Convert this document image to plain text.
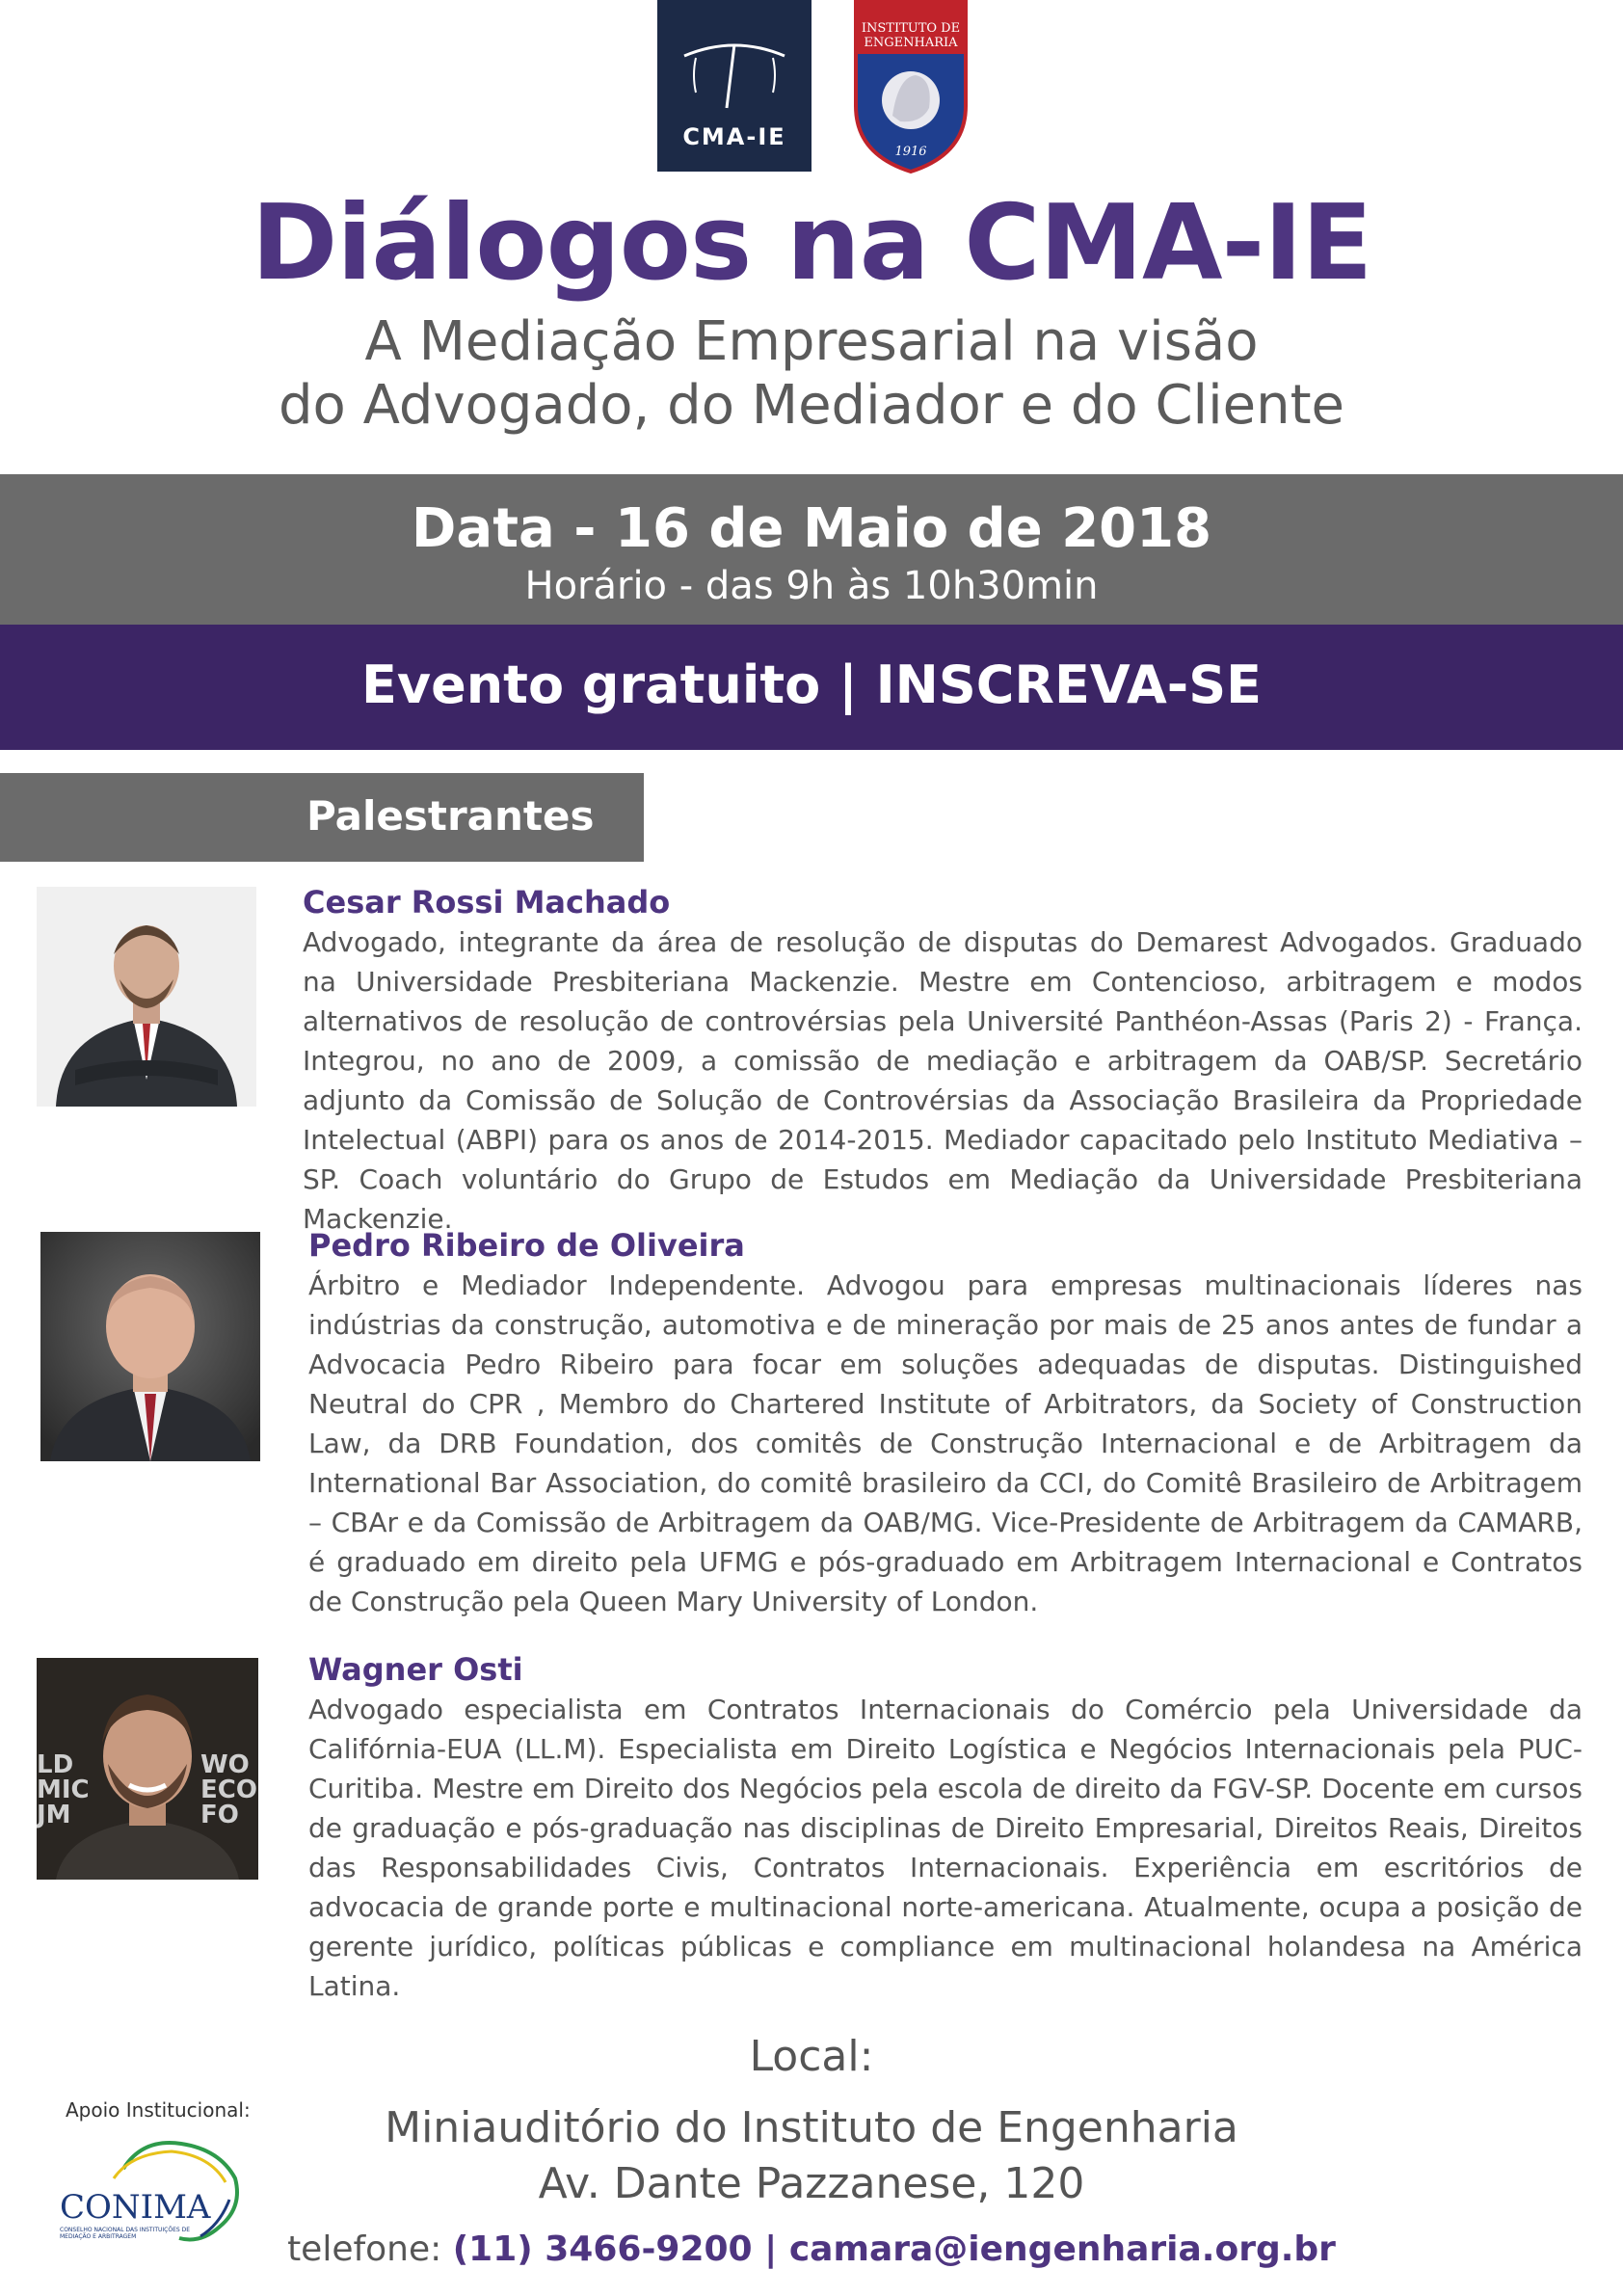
CMA-IE
INSTITUTO DE ENGENHARIA
1916
Diálogos na CMA-IE
A Mediação Empresarial na visão
do Advogado, do Mediador e do Cliente
Data - 16 de Maio de 2018
Horário - das 9h às 10h30min
Evento gratuito | INSCREVA-SE
Palestrantes
Cesar Rossi Machado
Advogado, integrante da área de resolução de disputas do Demarest Advogados. Graduado na Universidade Presbiteriana Mackenzie. Mestre em Contencioso, arbitragem e modos alternativos de resolução de controvérsias pela Université Panthéon-Assas (Paris 2) - França. Integrou, no ano de 2009, a comissão de mediação e arbitragem da OAB/SP. Secretário adjunto da Comissão de Solução de Controvérsias da Associação Brasileira da Propriedade Intelectual (ABPI) para os anos de 2014-2015. Mediador capacitado pelo Instituto Mediativa – SP. Coach voluntário do Grupo de Estudos em Mediação da Universidade Presbiteriana Mackenzie.
Pedro Ribeiro de Oliveira
Árbitro e Mediador Independente. Advogou para empresas multinacionais líderes nas indústrias da construção, automotiva e de mineração por mais de 25 anos antes de fundar a Advocacia Pedro Ribeiro para focar em soluções adequadas de disputas. Distinguished Neutral do CPR , Membro do Chartered Institute of Arbitrators, da Society of Construction Law, da DRB Foundation, dos comitês de Construção Internacional e de Arbitragem da International Bar Association, do comitê brasileiro da CCI, do Comitê Brasileiro de Arbitragem – CBAr e da Comissão de Arbitragem da OAB/MG. Vice-Presidente de Arbitragem da CAMARB, é graduado em direito pela UFMG e pós-graduado em Arbitragem Internacional e Contratos de Construção pela Queen Mary University of London.
LD
MIC
JM
WO
ECO
FO
Wagner Osti
Advogado especialista em Contratos Internacionais do Comércio pela Universidade da Califórnia-EUA (LL.M). Especialista em Direito Logística e Negócios Internacionais pela PUC-Curitiba. Mestre em Direito dos Negócios pela escola de direito da FGV-SP. Docente em cursos de graduação e pós-graduação nas disciplinas de Direito Empresarial, Direitos Reais, Direitos das Responsabilidades Civis, Contratos Internacionais. Experiência em escritórios de advocacia de grande porte e multinacional norte-americana. Atualmente, ocupa a posição de gerente jurídico, políticas públicas e compliance em multinacional holandesa na América Latina.
Local:
Miniauditório do Instituto de Engenharia
Av. Dante Pazzanese, 120
telefone: (11) 3466-9200 | camara@iengenharia.org.br
Apoio Institucional:
CONIMA
CONSELHO NACIONAL DAS INSTITUIÇÕES DE MEDIAÇÃO E ARBITRAGEM
